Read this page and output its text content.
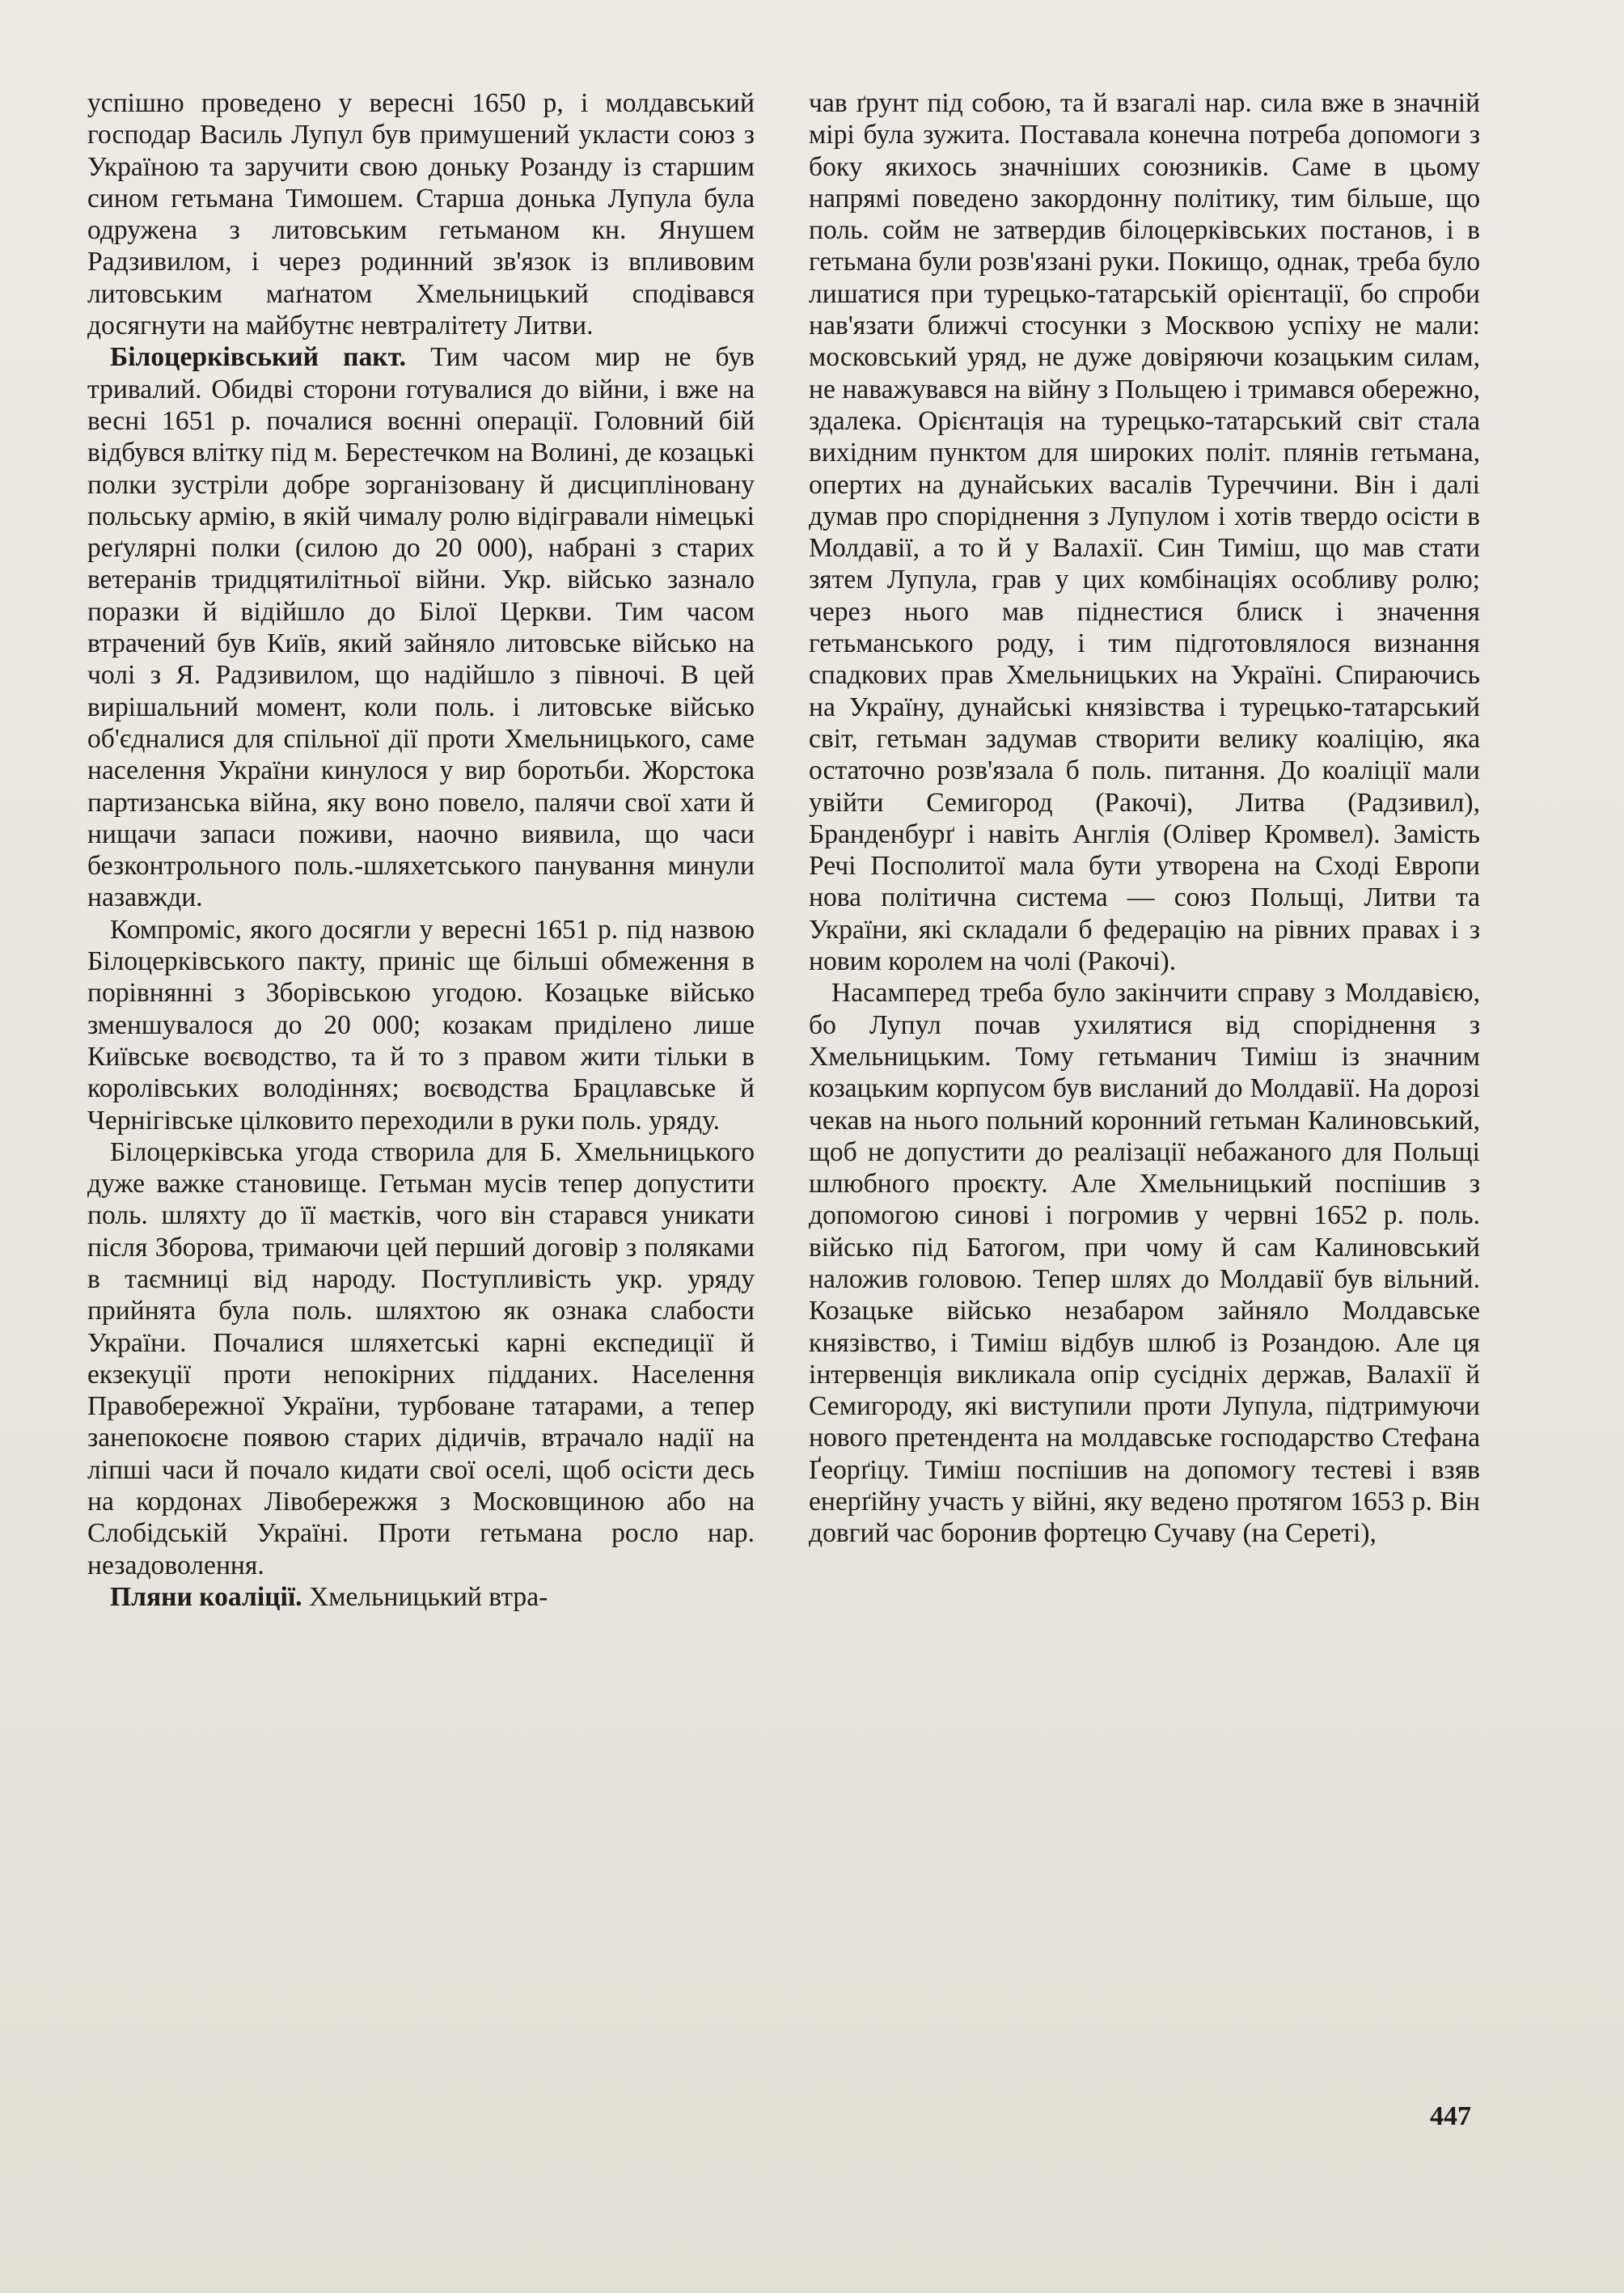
успішно проведено у вересні 1650 р, і молдавський господар Василь Лупул був примушений укласти союз з Україною та заручити свою доньку Розанду із старшим сином гетьмана Тимошем. Старша донька Лупула була одружена з литовським гетьманом кн. Янушем Радзивилом, і через родинний зв'язок із впливовим литовським маґнатом Хмельницький сподівався досягнути на майбутнє невтралітету Литви.

Білоцерківський пакт. Тим часом мир не був тривалий. Обидві сторони готувалися до війни, і вже на весні 1651 р. почалися воєнні операції. Головний бій відбувся влітку під м. Берестечком на Волині, де козацькі полки зустріли добре зорганізовану й дисципліновану польську армію, в якій чималу ролю відігравали німецькі реґулярні полки (силою до 20 000), набрані з старих ветеранів тридцятилітньої війни. Укр. військо зазнало поразки й відійшло до Білої Церкви. Тим часом втрачений був Київ, який зайняло литовське військо на чолі з Я. Радзивилом, що надійшло з півночі. В цей вирішальний момент, коли поль. і литовське військо об'єдналися для спільної дії проти Хмельницького, саме населення України кинулося у вир боротьби. Жорстока партизанська війна, яку воно повело, палячи свої хати й нищачи запаси поживи, наочно виявила, що часи безконтрольного поль.-шляхетського панування минули назавжди.

Компроміс, якого досягли у вересні 1651 р. під назвою Білоцерківського пакту, приніс ще більші обмеження в порівнянні з Зборівською угодою. Козацьке військо зменшувалося до 20 000; козакам приділено лише Київське воєводство, та й то з правом жити тільки в королівських володіннях; воєводства Брацлавське й Чернігівське цілковито переходили в руки поль. уряду.

Білоцерківська угода створила для Б. Хмельницького дуже важке становище. Гетьман мусів тепер допустити поль. шляхту до її маєтків, чого він старався уникати після Зборова, тримаючи цей перший договір з поляками в таємниці від народу. Поступливість укр. уряду прийнята була поль. шляхтою як ознака слабости України. Почалися шляхетські карні експедиції й екзекуції проти непокірних підданих. Населення Правобережної України, турбоване татарами, а тепер занепокоєне появою старих дідичів, втрачало надії на ліпші часи й почало кидати свої оселі, щоб осісти десь на кордонах Лівобережжя з Московщиною або на Слобідській Україні. Проти гетьмана росло нар. незадоволення.

Пляни коаліції. Хмельницький втра-

чав ґрунт під собою, та й взагалі нар. сила вже в значній мірі була зужита. Поставала конечна потреба допомоги з боку якихось значніших союзників. Саме в цьому напрямі поведено закордонну політику, тим більше, що поль. сойм не затвердив білоцерківських постанов, і в гетьмана були розв'язані руки. Покищо, однак, треба було лишатися при турецько-татарській орієнтації, бо спроби нав'язати ближчі стосунки з Москвою успіху не мали: московський уряд, не дуже довіряючи козацьким силам, не наважувався на війну з Польщею і тримався обережно, здалека. Орієнтація на турецько-татарський світ стала вихідним пунктом для широких політ. плянів гетьмана, опертих на дунайських васалів Туреччини. Він і далі думав про споріднення з Лупулом і хотів твердо осісти в Молдавії, а то й у Валахії. Син Тиміш, що мав стати зятем Лупула, грав у цих комбінаціях особливу ролю; через нього мав піднестися блиск і значення гетьманського роду, і тим підготовлялося визнання спадкових прав Хмельницьких на Україні. Спираючись на Україну, дунайські князівства і турецько-татарський світ, гетьман задумав створити велику коаліцію, яка остаточно розв'язала б поль. питання. До коаліції мали увійти Семигород (Ракочі), Литва (Радзивил), Бранденбурґ і навіть Англія (Олівер Кромвел). Замість Речі Посполитої мала бути утворена на Сході Европи нова політична система — союз Польщі, Литви та України, які складали б федерацію на рівних правах і з новим королем на чолі (Ракочі).

Насамперед треба було закінчити справу з Молдавією, бо Лупул почав ухилятися від споріднення з Хмельницьким. Тому гетьманич Тиміш із значним козацьким корпусом був висланий до Молдавії. На дорозі чекав на нього польний коронний гетьман Калиновський, щоб не допустити до реалізації небажаного для Польщі шлюбного проєкту. Але Хмельницький поспішив з допомогою синові і погромив у червні 1652 р. поль. військо під Батогом, при чому й сам Калиновський наложив головою. Тепер шлях до Молдавії був вільний. Козацьке військо незабаром зайняло Молдавське князівство, і Тиміш відбув шлюб із Розандою. Але ця інтервенція викликала опір сусідніх держав, Валахії й Семигороду, які виступили проти Лупула, підтримуючи нового претендента на молдавське господарство Стефана Ґеорґіцу. Тиміш поспішив на допомогу тестеві і взяв енерґійну участь у війні, яку ведено протягом 1653 р. Він довгий час боронив фортецю Сучаву (на Сереті),

447
